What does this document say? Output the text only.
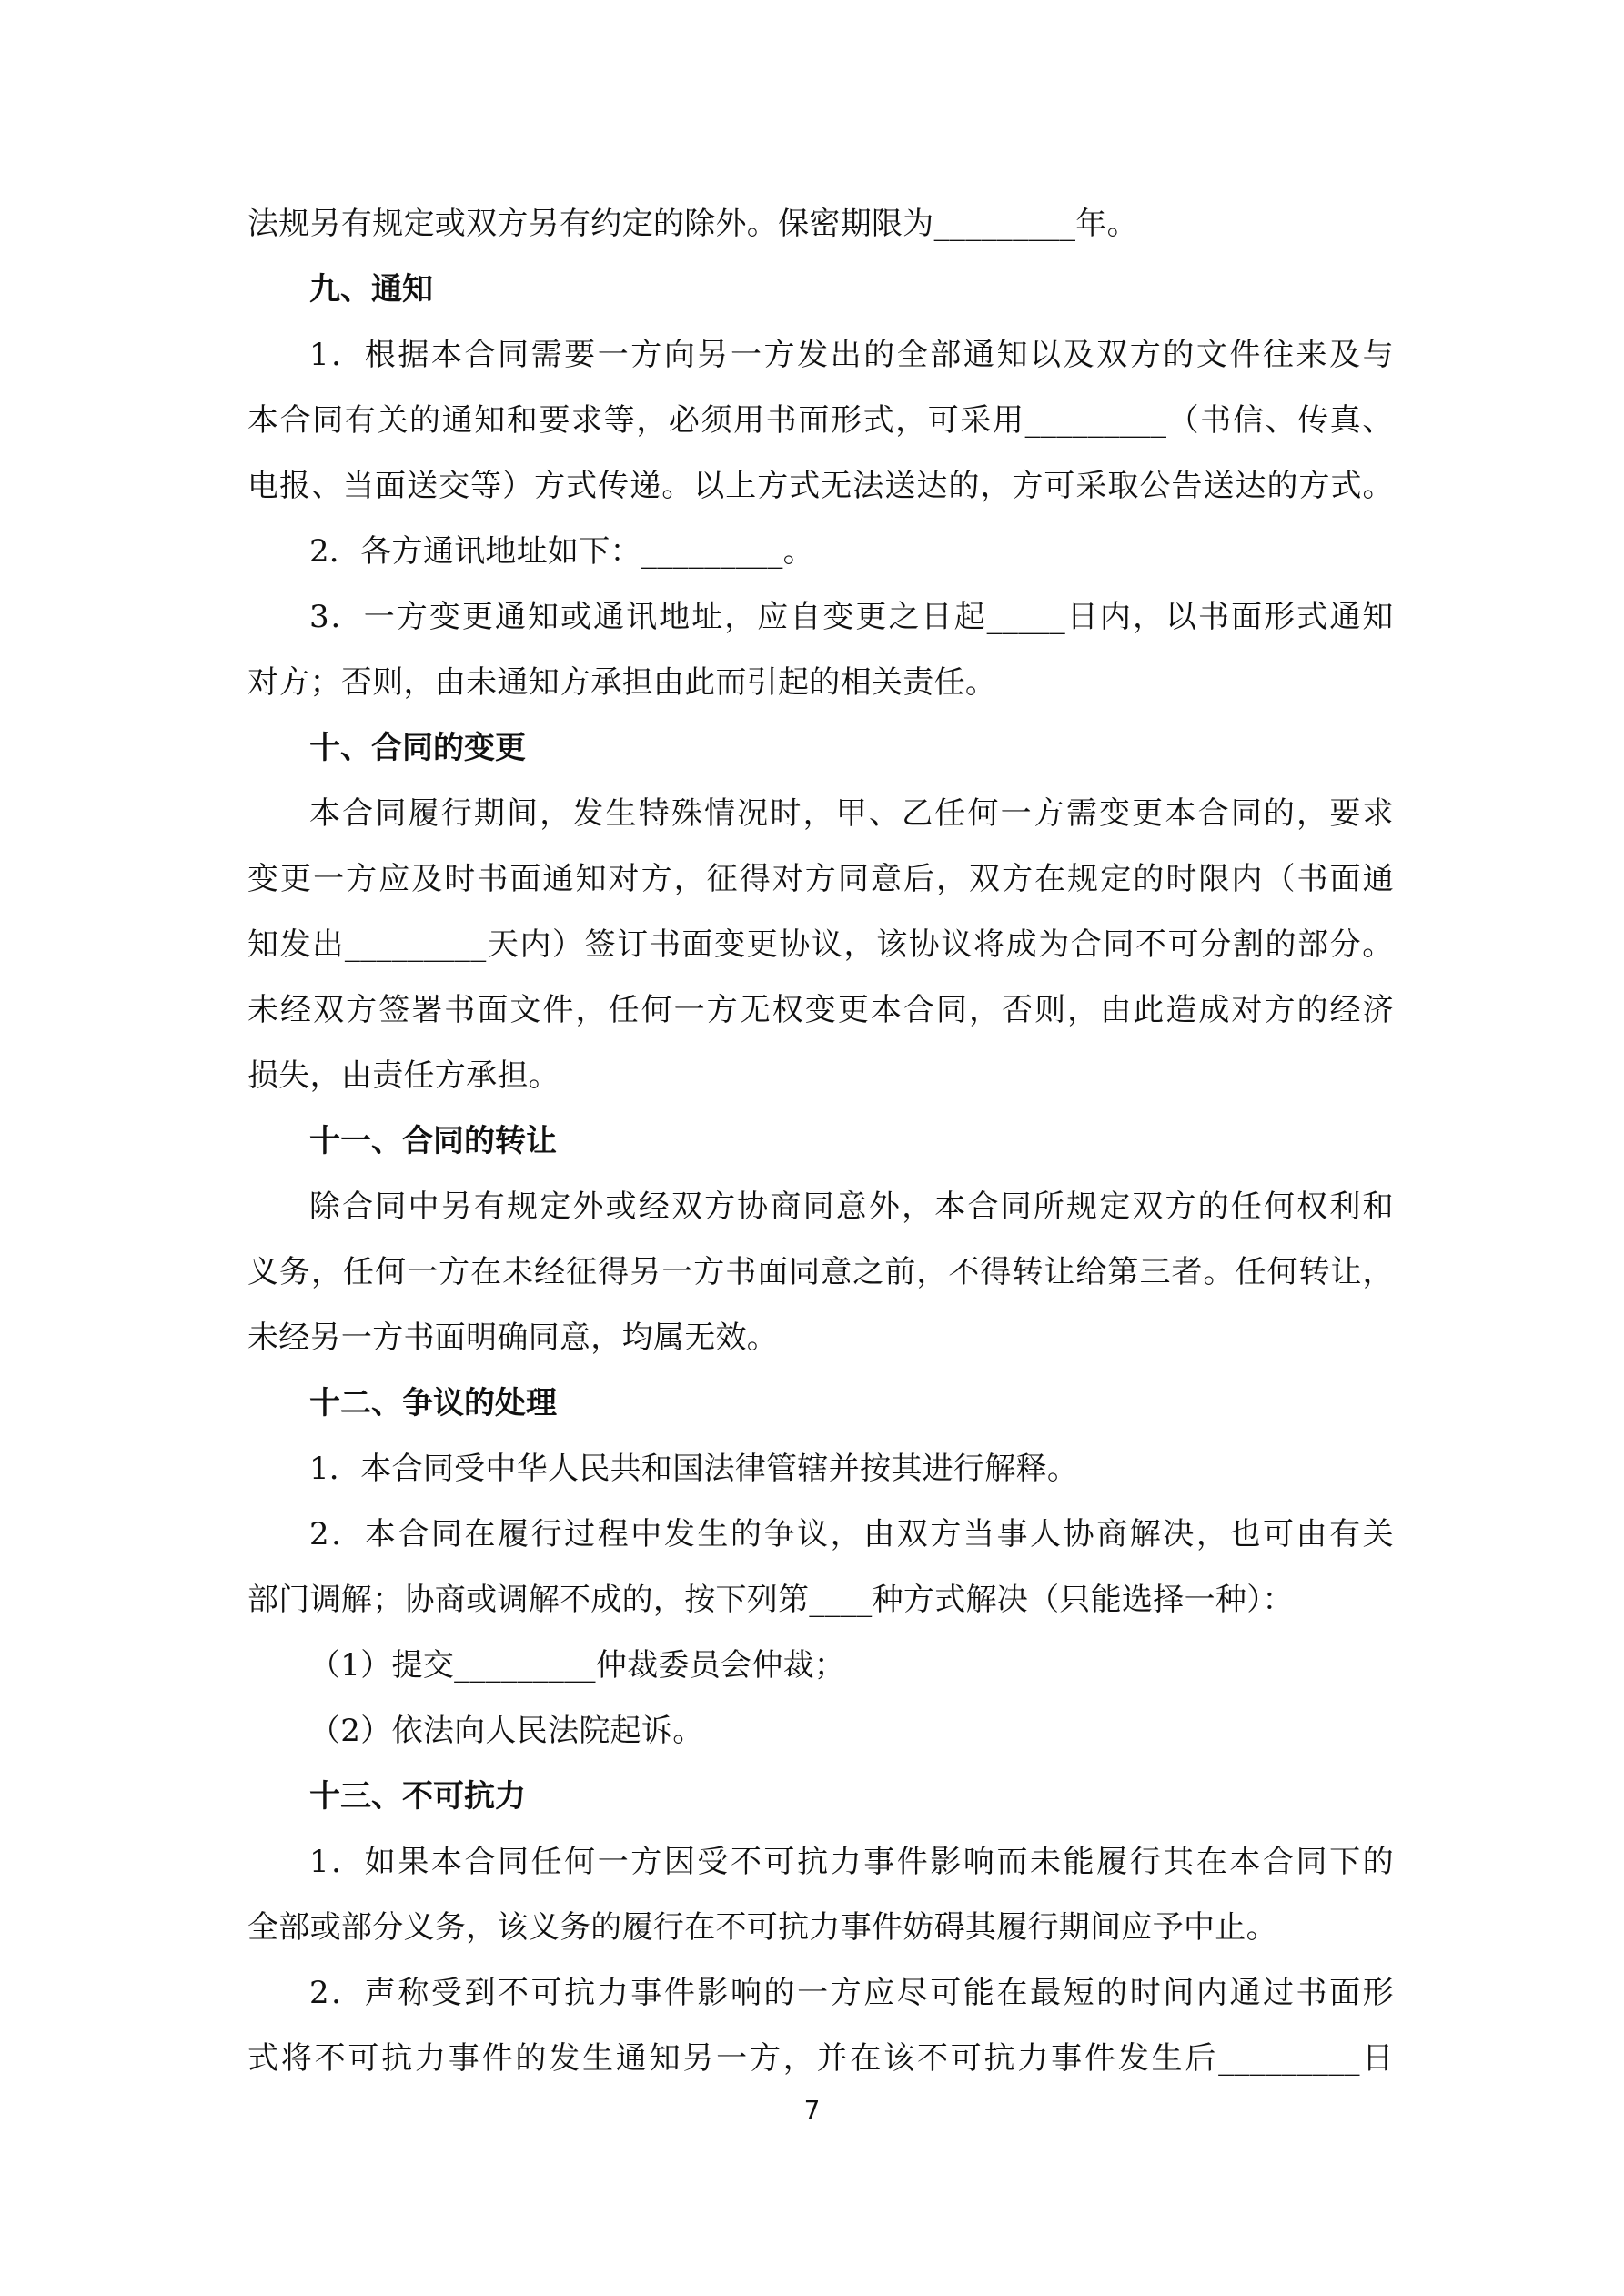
法规另有规定或双方另有约定的除外。保密期限为_________年。
九、通知
1 ． 根 据 本 合 同 需 要 一 方 向 另 一 方 发 出 的 全 部 通 知 以 及 双 方 的 文 件 往 来 及 与
本 合 同 有 关 的 通 知 和 要 求 等 ， 必 须 用 书 面 形 式 ， 可 采 用 _________ （ 书 信 、 传 真 、
电 报 、 当 面 送 交 等 ） 方 式 传 递 。 以 上 方 式 无 法 送 达 的 ， 方 可 采 取 公 告 送 达 的 方 式 。
2．各方通讯地址如下：_________。
3 ． 一 方 变 更 通 知 或 通 讯 地 址 ， 应 自 变 更 之 日 起 _____ 日 内 ， 以 书 面 形 式 通 知
对方；否则，由未通知方承担由此而引起的相关责任。
十、合同的变更
本 合 同 履 行 期 间 ， 发 生 特 殊 情 况 时 ， 甲 、 乙 任 何 一 方 需 变 更 本 合 同 的 ， 要 求
变 更 一 方 应 及 时 书 面 通 知 对 方 ， 征 得 对 方 同 意 后 ， 双 方 在 规 定 的 时 限 内 （ 书 面 通
知 发 出 _________ 天 内 ） 签 订 书 面 变 更 协 议 ， 该 协 议 将 成 为 合 同 不 可 分 割 的 部 分 。
未 经 双 方 签 署 书 面 文 件 ， 任 何 一 方 无 权 变 更 本 合 同 ， 否 则 ， 由 此 造 成 对 方 的 经 济
损失，由责任方承担。
十一、合同的转让
除 合 同 中 另 有 规 定 外 或 经 双 方 协 商 同 意 外 ， 本 合 同 所 规 定 双 方 的 任 何 权 利 和
义 务 ， 任 何 一 方 在 未 经 征 得 另 一 方 书 面 同 意 之 前 ， 不 得 转 让 给 第 三 者 。 任 何 转 让 ，
未经另一方书面明确同意，均属无效。
十二、争议的处理
1．本合同受中华人民共和国法律管辖并按其进行解释。
2 ． 本 合 同 在 履 行 过 程 中 发 生 的 争 议 ， 由 双 方 当 事 人 协 商 解 决 ， 也 可 由 有 关
部门调解；协商或调解不成的，按下列第____种方式解决（只能选择一种）：
（1）提交_________仲裁委员会仲裁；
（2）依法向人民法院起诉。
十三、不可抗力
1 ． 如 果 本 合 同 任 何 一 方 因 受 不 可 抗 力 事 件 影 响 而 未 能 履 行 其 在 本 合 同 下 的
全部或部分义务，该义务的履行在不可抗力事件妨碍其履行期间应予中止。
2 ． 声 称 受 到 不 可 抗 力 事 件 影 响 的 一 方 应 尽 可 能 在 最 短 的 时 间 内 通 过 书 面 形
式 将 不 可 抗 力 事 件 的 发 生 通 知 另 一 方 ， 并 在 该 不 可 抗 力 事 件 发 生 后 _________ 日
7
